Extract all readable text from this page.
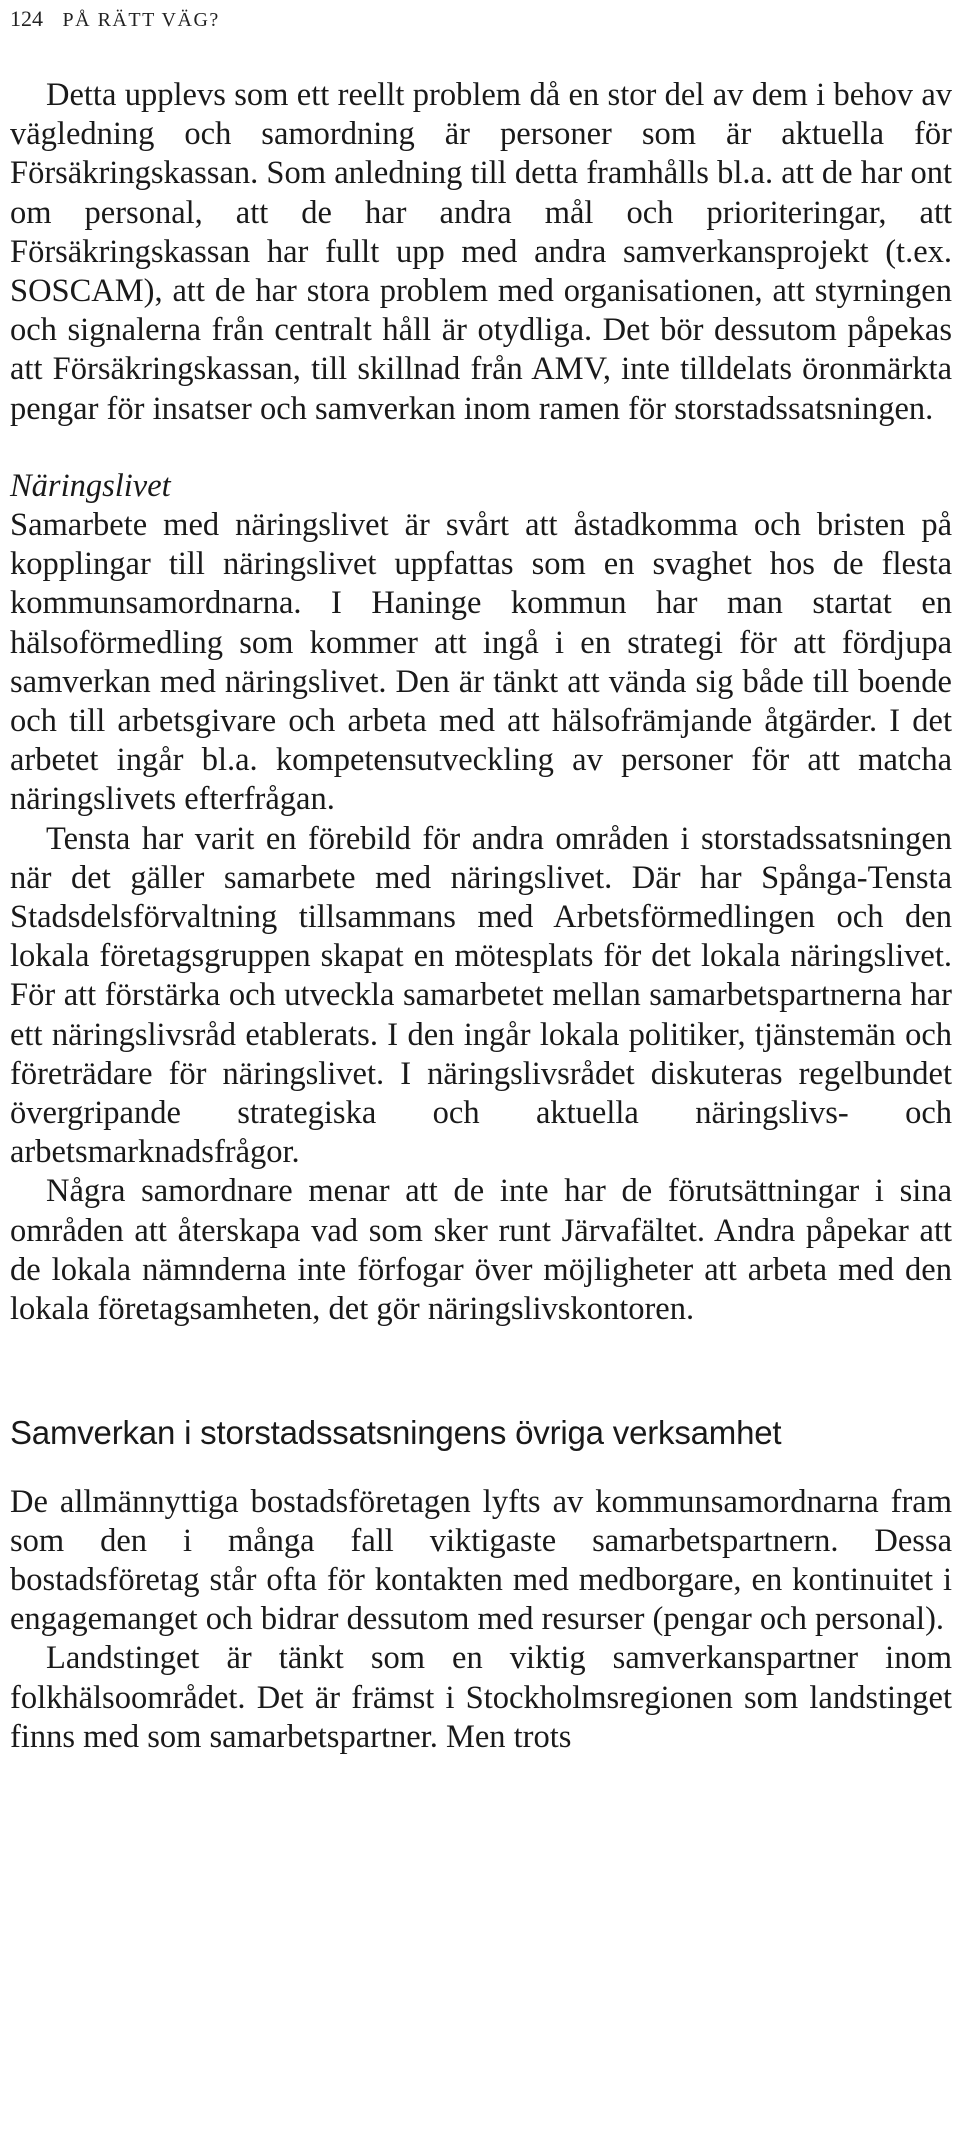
124 PÅ RÄTT VÄG?

Detta upplevs som ett reellt problem då en stor del av dem i behov av vägledning och samordning är personer som är aktuella för Försäkringskassan. Som anledning till detta framhålls bl.a. att de har ont om personal, att de har andra mål och prioriteringar, att Försäkringskassan har fullt upp med andra samverkansprojekt (t.ex. SOSCAM), att de har stora problem med organisationen, att styrningen och signalerna från centralt håll är otydliga. Det bör dessutom påpekas att Försäkringskassan, till skillnad från AMV, inte tilldelats öronmärkta pengar för insatser och samverkan inom ramen för storstadssatsningen.

Näringslivet

Samarbete med näringslivet är svårt att åstadkomma och bristen på kopplingar till näringslivet uppfattas som en svaghet hos de flesta kommunsamordnarna. I Haninge kommun har man startat en hälsoförmedling som kommer att ingå i en strategi för att fördjupa samverkan med näringslivet. Den är tänkt att vända sig både till boende och till arbetsgivare och arbeta med att hälsofrämjande åtgärder. I det arbetet ingår bl.a. kompetensutveckling av personer för att matcha näringslivets efterfrågan.

Tensta har varit en förebild för andra områden i storstadssatsningen när det gäller samarbete med näringslivet. Där har Spånga-Tensta Stadsdelsförvaltning tillsammans med Arbetsförmedlingen och den lokala företagsgruppen skapat en mötesplats för det lokala näringslivet. För att förstärka och utveckla samarbetet mellan samarbetspartnerna har ett näringslivsråd etablerats. I den ingår lokala politiker, tjänstemän och företrädare för näringslivet. I näringslivsrådet diskuteras regelbundet övergripande strategiska och aktuella näringslivs- och arbetsmarknadsfrågor.

Några samordnare menar att de inte har de förutsättningar i sina områden att återskapa vad som sker runt Järvafältet. Andra påpekar att de lokala nämnderna inte förfogar över möjligheter att arbeta med den lokala företagsamheten, det gör näringslivskontoren.

Samverkan i storstadssatsningens övriga verksamhet

De allmännyttiga bostadsföretagen lyfts av kommunsamordnarna fram som den i många fall viktigaste samarbetspartnern. Dessa bostadsföretag står ofta för kontakten med medborgare, en kontinuitet i engagemanget och bidrar dessutom med resurser (pengar och personal).

Landstinget är tänkt som en viktig samverkanspartner inom folkhälsoområdet. Det är främst i Stockholmsregionen som landstinget finns med som samarbetspartner. Men trots
